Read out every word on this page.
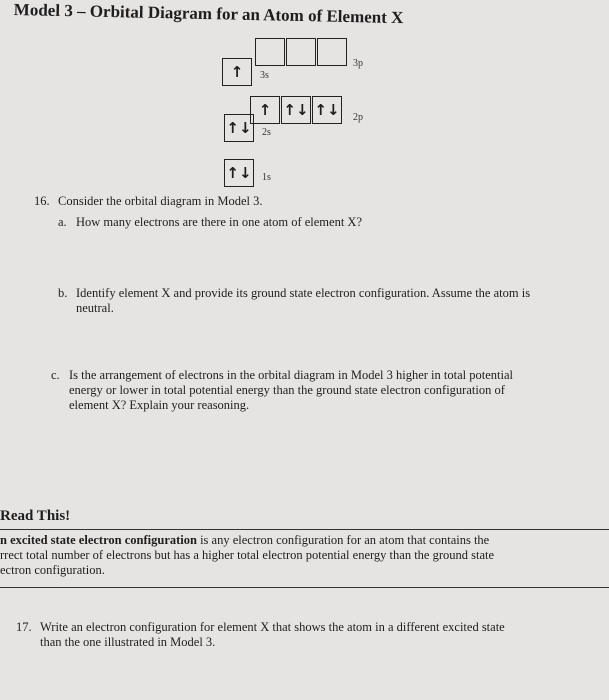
Model 3 – Orbital Diagram for an Atom of Element X
3p
↑	3s
↑ ↑↓ ↑↓ 2p
↑↓ 2s
↑↓ 1s
16. Consider the orbital diagram in Model 3.
a. How many electrons are there in one atom of element X?
b. Identify element X and provide its ground state electron configuration. Assume the atom is
neutral.
c. Is the arrangement of electrons in the orbital diagram in Model 3 higher in total potential
energy or lower in total potential energy than the ground state electron configuration of
element X? Explain your reasoning.
Read This!
n excited state electron configuration is any electron configuration for an atom that contains the
rrect total number of electrons but has a higher total electron potential energy than the ground state
ectron configuration.
17. Write an electron configuration for element X that shows the atom in a different excited state
than the one illustrated in Model 3.
